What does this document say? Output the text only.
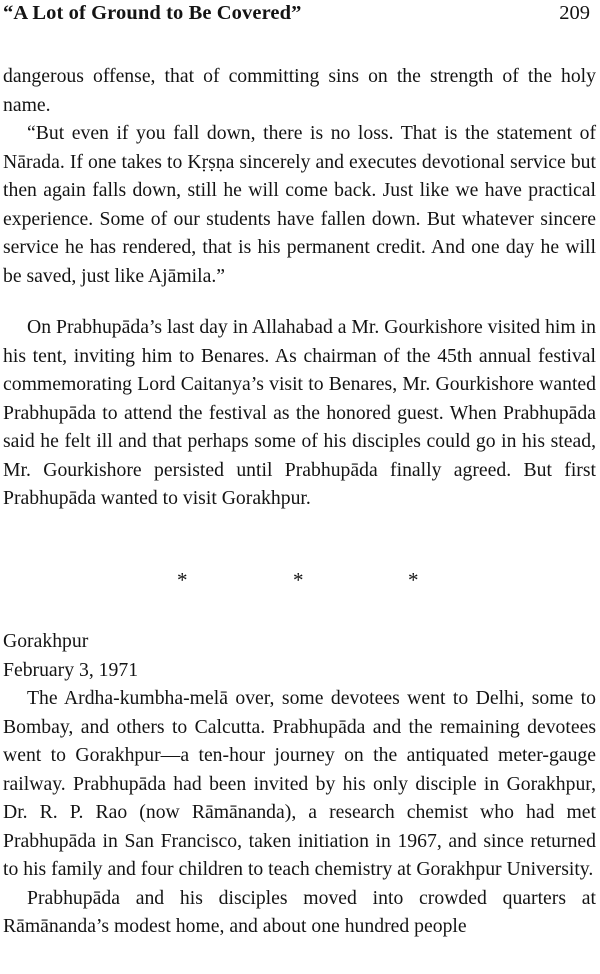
“A Lot of Ground to Be Covered”	209

dangerous offense, that of committing sins on the strength of the holy name.

“But even if you fall down, there is no loss. That is the statement of Nārada. If one takes to Kṛṣṇa sincerely and executes devotional service but then again falls down, still he will come back. Just like we have practical experience. Some of our students have fallen down. But whatever sincere service he has rendered, that is his permanent credit. And one day he will be saved, just like Ajāmila.”

On Prabhupāda’s last day in Allahabad a Mr. Gourkishore visited him in his tent, inviting him to Benares. As chairman of the 45th annual festival commemorating Lord Caitanya’s visit to Benares, Mr. Gourkishore wanted Prabhupāda to attend the festival as the honored guest. When Prabhupāda said he felt ill and that perhaps some of his disciples could go in his stead, Mr. Gourkishore persisted until Prabhupāda finally agreed. But first Prabhupāda wanted to visit Gorakhpur.

*	*	*
Gorakhpur
February 3, 1971

The Ardha-kumbha-melā over, some devotees went to Delhi, some to Bombay, and others to Calcutta. Prabhupāda and the remaining devotees went to Gorakhpur—a ten-hour journey on the antiquated meter-gauge railway. Prabhupāda had been invited by his only disciple in Gorakhpur, Dr. R. P. Rao (now Rāmānanda), a research chemist who had met Prabhupāda in San Francisco, taken initiation in 1967, and since returned to his family and four children to teach chemistry at Gorakhpur University.

Prabhupāda and his disciples moved into crowded quarters at Rāmānanda’s modest home, and about one hundred people
